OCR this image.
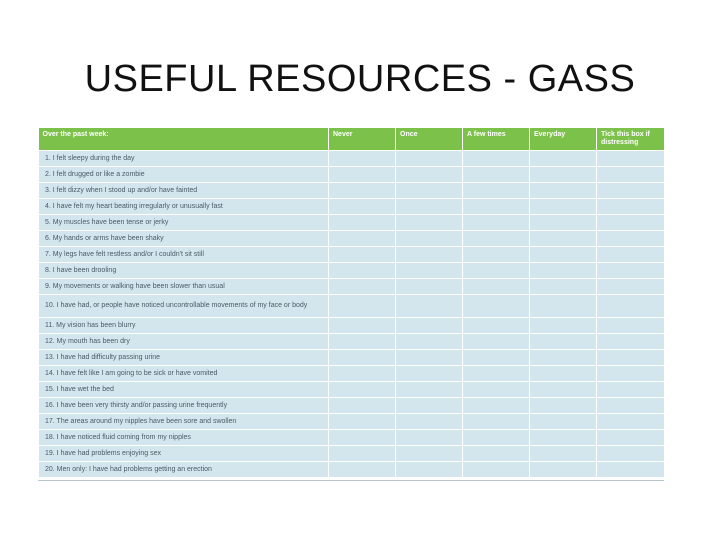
USEFUL RESOURCES - GASS
Over the past week:	Never	Once	A few times	Everyday	Tick this box if distressing
1. I felt sleepy during the day					
2. I felt drugged or like a zombie					
3. I felt dizzy when I stood up and/or have fainted					
4. I have felt my heart beating irregularly or unusually fast					
5. My muscles have been tense or jerky					
6. My hands or arms have been shaky					
7. My legs have felt restless and/or I couldn't sit still					
8. I have been drooling					
9. My movements or walking have been slower than usual					
10. I have had, or people have noticed uncontrollable movements of my face or body					
11. My vision has been blurry					
12. My mouth has been dry					
13. I have had difficulty passing urine					
14. I have felt like I am going to be sick or have vomited					
15. I have wet the bed					
16. I have been very thirsty and/or passing urine frequently					
17. The areas around my nipples have been sore and swollen					
18. I have noticed fluid coming from my nipples					
19. I have had problems enjoying sex					
20. Men only: I have had problems getting an erection					
